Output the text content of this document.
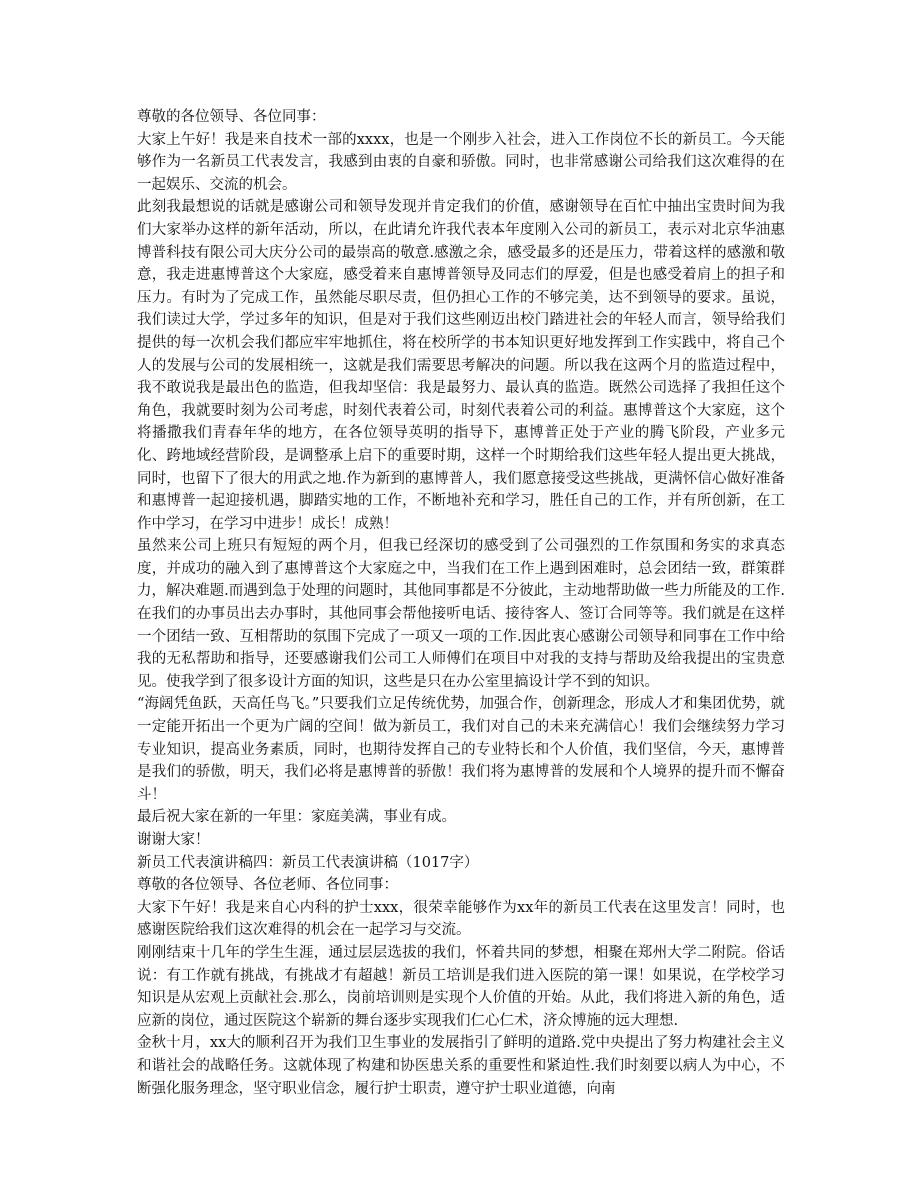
尊敬的各位领导、各位同事：

大家上午好！我是来自技术一部的xxxx，也是一个刚步入社会，进入工作岗位不长的新员工。今天能够作为一名新员工代表发言，我感到由衷的自豪和骄傲。同时，也非常感谢公司给我们这次难得的在一起娱乐、交流的机会。

此刻我最想说的话就是感谢公司和领导发现并肯定我们的价值，感谢领导在百忙中抽出宝贵时间为我们大家举办这样的新年活动，所以，在此请允许我代表本年度刚入公司的新员工，表示对北京华油惠博普科技有限公司大庆分公司的最崇高的敬意.感激之余，感受最多的还是压力，带着这样的感激和敬意，我走进惠博普这个大家庭，感受着来自惠博普领导及同志们的厚爱，但是也感受着肩上的担子和压力。有时为了完成工作，虽然能尽职尽责，但仍担心工作的不够完美，达不到领导的要求。虽说，我们读过大学，学过多年的知识，但是对于我们这些刚迈出校门踏进社会的年轻人而言，领导给我们提供的每一次机会我们都应牢牢地抓住，将在校所学的书本知识更好地发挥到工作实践中，将自己个人的发展与公司的发展相统一，这就是我们需要思考解决的问题。所以我在这两个月的监造过程中，我不敢说我是最出色的监造，但我却坚信：我是最努力、最认真的监造。既然公司选择了我担任这个角色，我就要时刻为公司考虑，时刻代表着公司，时刻代表着公司的利益。惠博普这个大家庭，这个将播撒我们青春年华的地方，在各位领导英明的指导下，惠博普正处于产业的腾飞阶段，产业多元化、跨地域经营阶段，是调整承上启下的重要时期，这样一个时期给我们这些年轻人提出更大挑战，同时，也留下了很大的用武之地.作为新到的惠博普人，我们愿意接受这些挑战，更满怀信心做好准备和惠博普一起迎接机遇，脚踏实地的工作，不断地补充和学习，胜任自己的工作，并有所创新，在工作中学习，在学习中进步！成长！成熟！

虽然来公司上班只有短短的两个月，但我已经深切的感受到了公司强烈的工作氛围和务实的求真态度，并成功的融入到了惠博普这个大家庭之中，当我们在工作上遇到困难时，总会团结一致，群策群力，解决难题.而遇到急于处理的问题时，其他同事都是不分彼此，主动地帮助做一些力所能及的工作.在我们的办事员出去办事时，其他同事会帮他接听电话、接待客人、签订合同等等。我们就是在这样一个团结一致、互相帮助的氛围下完成了一项又一项的工作.因此衷心感谢公司领导和同事在工作中给我的无私帮助和指导，还要感谢我们公司工人师傅们在项目中对我的支持与帮助及给我提出的宝贵意见。使我学到了很多设计方面的知识，这些是只在办公室里搞设计学不到的知识。

“海阔凭鱼跃，天高任鸟飞。”只要我们立足传统优势，加强合作，创新理念，形成人才和集团优势，就一定能开拓出一个更为广阔的空间！做为新员工，我们对自己的未来充满信心！我们会继续努力学习专业知识，提高业务素质，同时，也期待发挥自己的专业特长和个人价值，我们坚信，今天，惠博普是我们的骄傲，明天，我们必将是惠博普的骄傲！我们将为惠博普的发展和个人境界的提升而不懈奋斗！

最后祝大家在新的一年里：家庭美满，事业有成。

谢谢大家！

新员工代表演讲稿四：新员工代表演讲稿（1017字）

尊敬的各位领导、各位老师、各位同事：

大家下午好！我是来自心内科的护士xxx，很荣幸能够作为xx年的新员工代表在这里发言！同时，也感谢医院给我们这次难得的机会在一起学习与交流。

刚刚结束十几年的学生生涯，通过层层选拔的我们，怀着共同的梦想，相聚在郑州大学二附院。俗话说：有工作就有挑战，有挑战才有超越！新员工培训是我们进入医院的第一课！如果说，在学校学习知识是从宏观上贡献社会.那么，岗前培训则是实现个人价值的开始。从此，我们将进入新的角色，适应新的岗位，通过医院这个崭新的舞台逐步实现我们仁心仁术，济众博施的远大理想.

金秋十月，xx大的顺利召开为我们卫生事业的发展指引了鲜明的道路.党中央提出了努力构建社会主义和谐社会的战略任务。这就体现了构建和协医患关系的重要性和紧迫性.我们时刻要以病人为中心，不断强化服务理念，坚守职业信念，履行护士职责，遵守护士职业道德，向南
